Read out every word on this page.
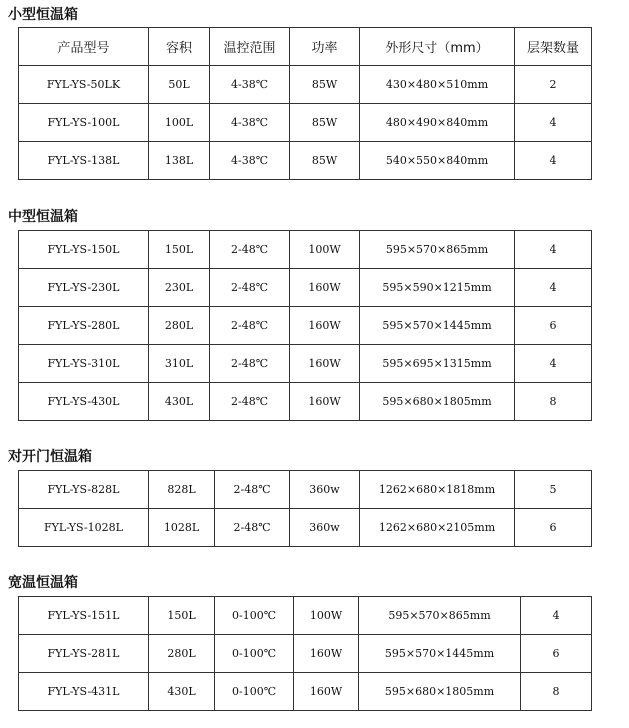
小型恒温箱
产品型号	容积	温控范围	功率	外形尺寸（mm）	层架数量
FYL-YS-50LK	50L	4-38℃	85W	430×480×510mm	2
FYL-YS-100L	100L	4-38℃	85W	480×490×840mm	4
FYL-YS-138L	138L	4-38℃	85W	540×550×840mm	4
中型恒温箱
FYL-YS-150L	150L	2-48℃	100W	595×570×865mm	4
FYL-YS-230L	230L	2-48℃	160W	595×590×1215mm	4
FYL-YS-280L	280L	2-48℃	160W	595×570×1445mm	6
FYL-YS-310L	310L	2-48℃	160W	595×695×1315mm	4
FYL-YS-430L	430L	2-48℃	160W	595×680×1805mm	8
对开门恒温箱
FYL-YS-828L	828L	2-48℃	360w	1262×680×1818mm	5
FYL-YS-1028L	1028L	2-48℃	360w	1262×680×2105mm	6
宽温恒温箱
FYL-YS-151L	150L	0-100℃	100W	595×570×865mm	4
FYL-YS-281L	280L	0-100℃	160W	595×570×1445mm	6
FYL-YS-431L	430L	0-100℃	160W	595×680×1805mm	8
